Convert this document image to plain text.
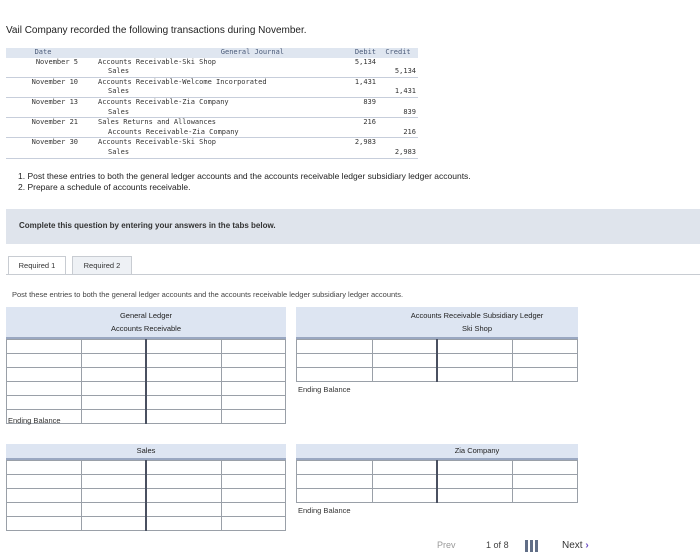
Vail Company recorded the following transactions during November.
Date	General Journal	Debit	Credit
November 5	Accounts Receivable-Ski Shop	5,134	
	Sales		5,134
November 10	Accounts Receivable-Welcome Incorporated	1,431	
	Sales		1,431
November 13	Accounts Receivable-Zia Company	839	
	Sales		839
November 21	Sales Returns and Allowances	216	
	Accounts Receivable-Zia Company		216
November 30	Accounts Receivable-Ski Shop	2,983	
	Sales		2,983
1. Post these entries to both the general ledger accounts and the accounts receivable ledger subsidiary ledger accounts.
2. Prepare a schedule of accounts receivable.
Complete this question by entering your answers in the tabs below.
Required 1	Required 2
Post these entries to both the general ledger accounts and the accounts receivable ledger subsidiary ledger accounts.
General Ledger
Accounts Receivable

Ending Balance
Sales

Accounts Receivable Subsidiary Ledger
Ski Shop

Ending Balance
Zia Company

Ending Balance
Prev	1 of 8	Next ›
